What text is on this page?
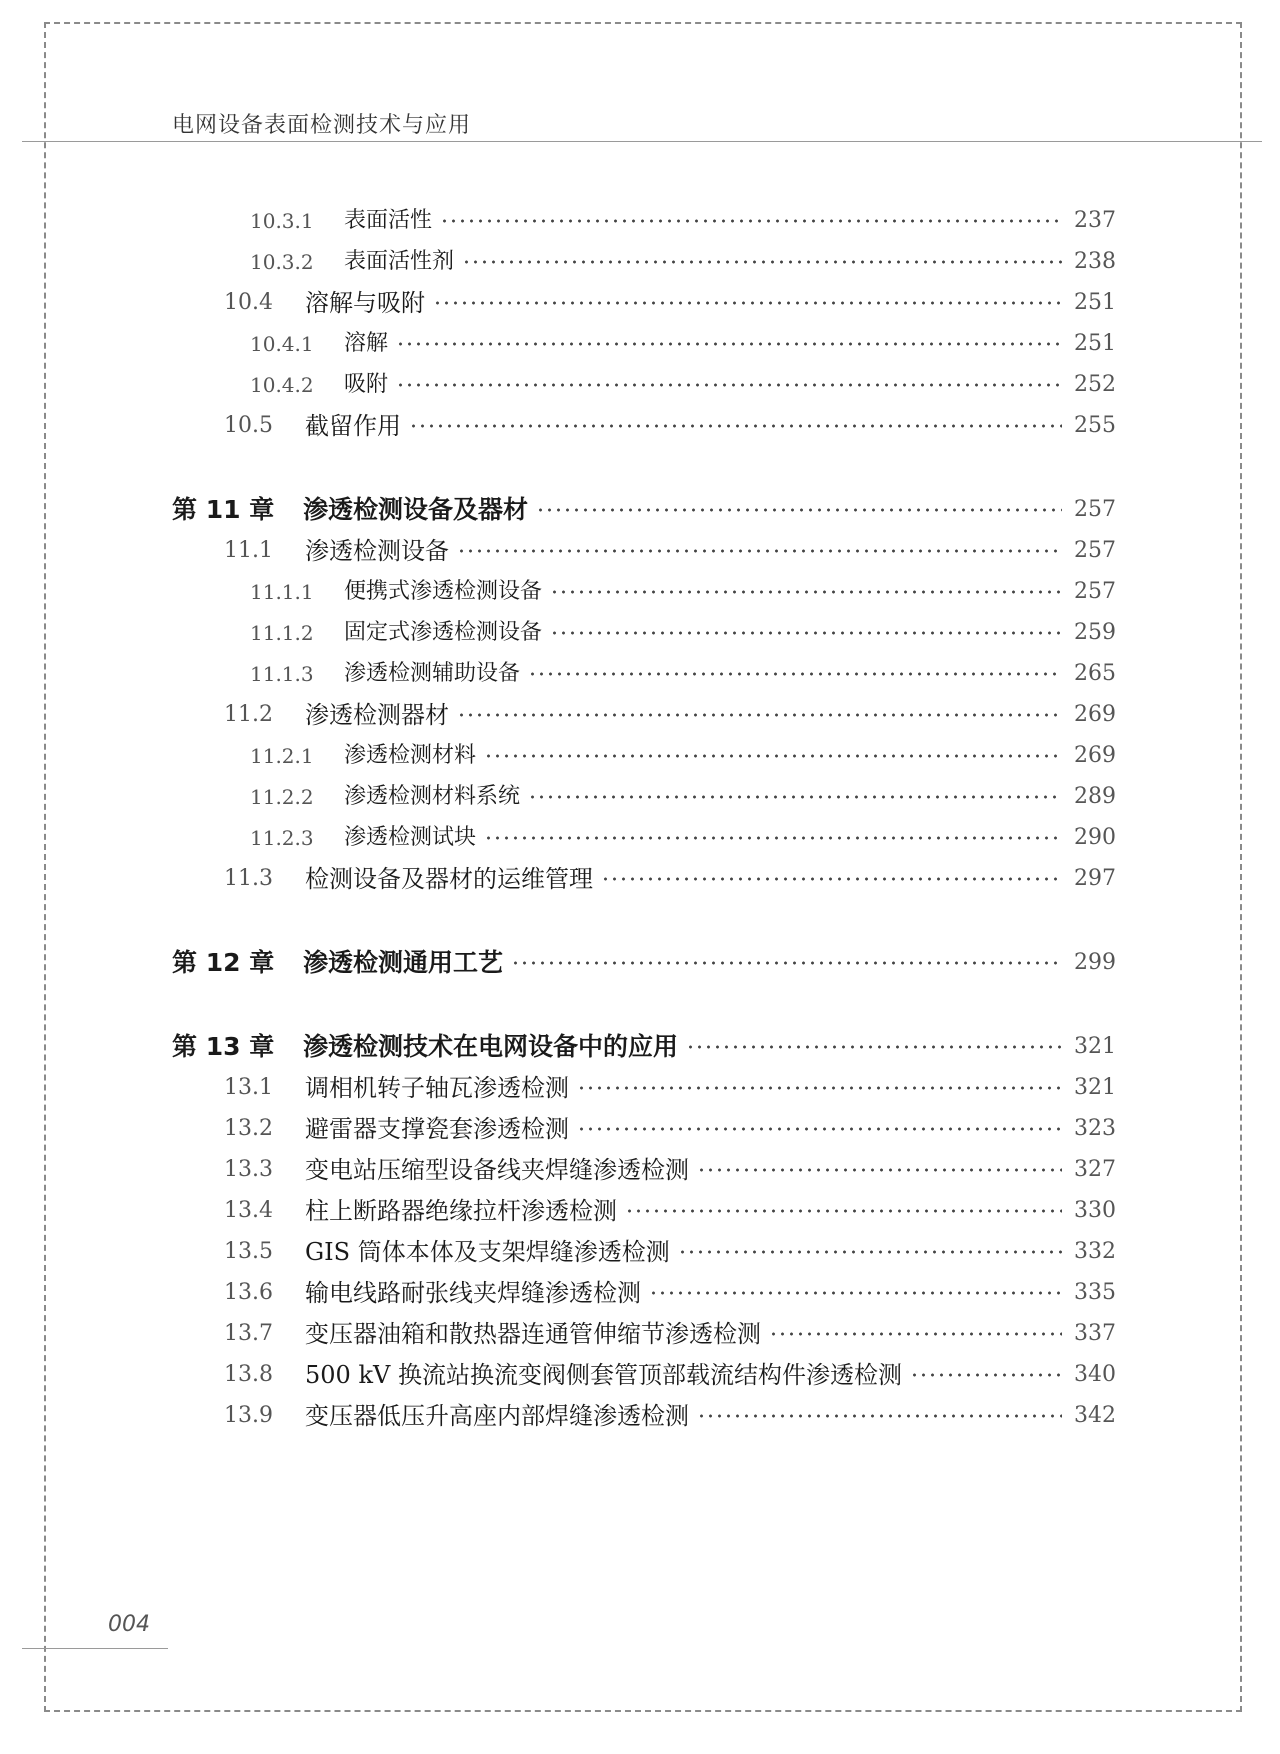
电网设备表面检测技术与应用
10.3.1 表面活性	237
10.3.2 表面活性剂	238
10.4 溶解与吸附	251
10.4.1 溶解	251
10.4.2 吸附	252
10.5 截留作用	255
第 11 章 渗透检测设备及器材	257
11.1 渗透检测设备	257
11.1.1 便携式渗透检测设备	257
11.1.2 固定式渗透检测设备	259
11.1.3 渗透检测辅助设备	265
11.2 渗透检测器材	269
11.2.1 渗透检测材料	269
11.2.2 渗透检测材料系统	289
11.2.3 渗透检测试块	290
11.3 检测设备及器材的运维管理	297
第 12 章 渗透检测通用工艺	299
第 13 章 渗透检测技术在电网设备中的应用	321
13.1 调相机转子轴瓦渗透检测	321
13.2 避雷器支撑瓷套渗透检测	323
13.3 变电站压缩型设备线夹焊缝渗透检测	327
13.4 柱上断路器绝缘拉杆渗透检测	330
13.5 GIS 筒体本体及支架焊缝渗透检测	332
13.6 输电线路耐张线夹焊缝渗透检测	335
13.7 变压器油箱和散热器连通管伸缩节渗透检测	337
13.8 500 kV 换流站换流变阀侧套管顶部载流结构件渗透检测	340
13.9 变压器低压升高座内部焊缝渗透检测	342
004
